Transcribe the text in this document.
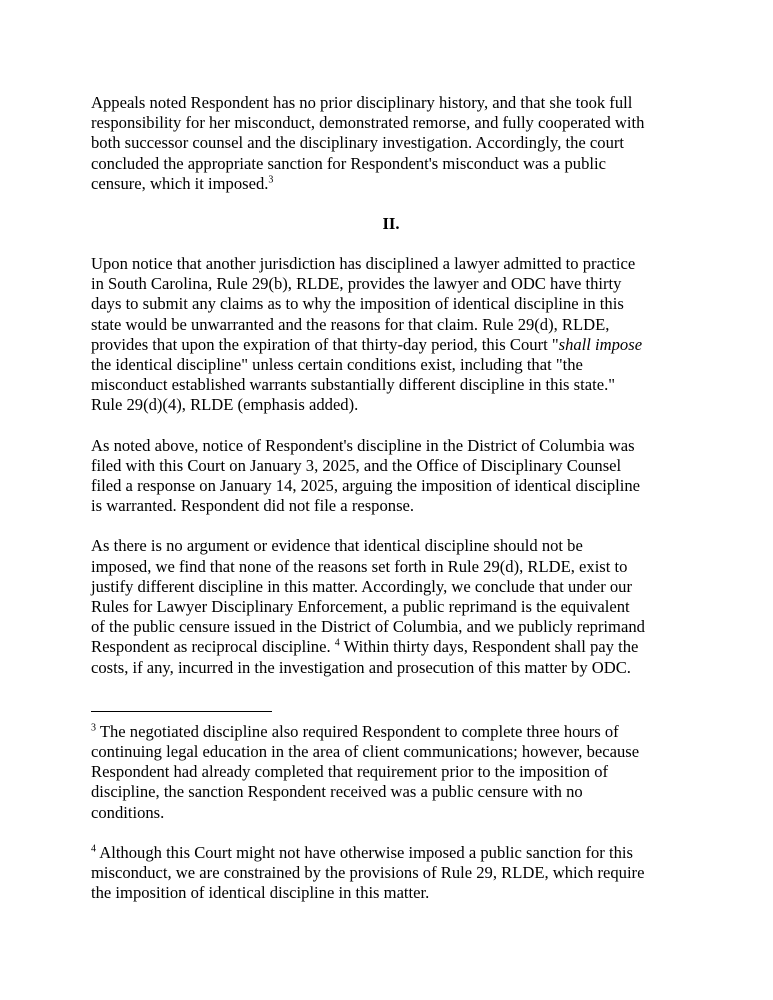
Appeals noted Respondent has no prior disciplinary history, and that she took full
responsibility for her misconduct, demonstrated remorse, and fully cooperated with
both successor counsel and the disciplinary investigation. Accordingly, the court
concluded the appropriate sanction for Respondent's misconduct was a public
censure, which it imposed.$^3$

II.

Upon notice that another jurisdiction has disciplined a lawyer admitted to practice
in South Carolina, Rule 29(b), RLDE, provides the lawyer and ODC have thirty
days to submit any claims as to why the imposition of identical discipline in this
state would be unwarranted and the reasons for that claim. Rule 29(d), RLDE,
provides that upon the expiration of that thirty-day period, this Court "shall impose
the identical discipline" unless certain conditions exist, including that "the
misconduct established warrants substantially different discipline in this state."
Rule 29(d)(4), RLDE (emphasis added).

As noted above, notice of Respondent's discipline in the District of Columbia was
filed with this Court on January 3, 2025, and the Office of Disciplinary Counsel
filed a response on January 14, 2025, arguing the imposition of identical discipline
is warranted. Respondent did not file a response.

As there is no argument or evidence that identical discipline should not be
imposed, we find that none of the reasons set forth in Rule 29(d), RLDE, exist to
justify different discipline in this matter. Accordingly, we conclude that under our
Rules for Lawyer Disciplinary Enforcement, a public reprimand is the equivalent
of the public censure issued in the District of Columbia, and we publicly reprimand
Respondent as reciprocal discipline. $^4$ Within thirty days, Respondent shall pay the
costs, if any, incurred in the investigation and prosecution of this matter by ODC.

$^3$ The negotiated discipline also required Respondent to complete three hours of
continuing legal education in the area of client communications; however, because
Respondent had already completed that requirement prior to the imposition of
discipline, the sanction Respondent received was a public censure with no
conditions.

$^4$ Although this Court might not have otherwise imposed a public sanction for this
misconduct, we are constrained by the provisions of Rule 29, RLDE, which require
the imposition of identical discipline in this matter.
